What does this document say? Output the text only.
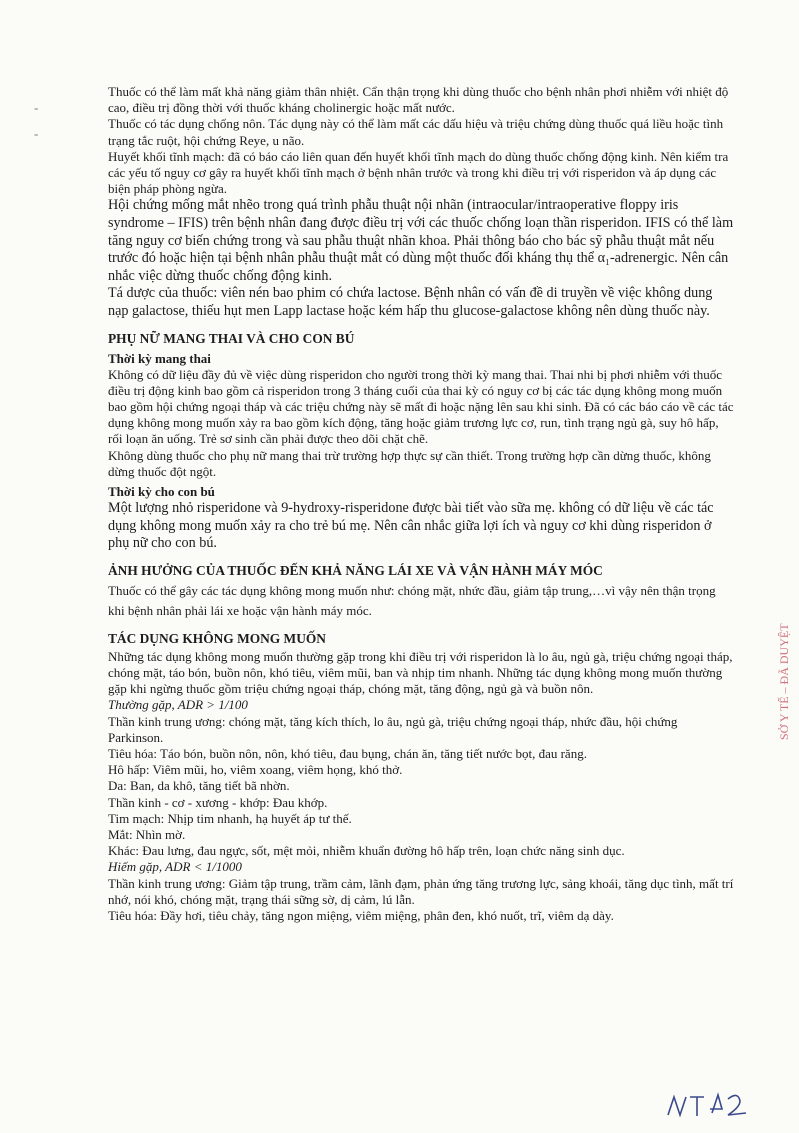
-
-

Thuốc có thể làm mất khả năng giảm thân nhiệt. Cẩn thận trọng khi dùng thuốc cho bệnh nhân phơi nhiễm với nhiệt độ cao, điều trị đồng thời với thuốc kháng cholinergic hoặc mất nước.

Thuốc có tác dụng chống nôn. Tác dụng này có thể làm mất các dấu hiệu và triệu chứng dùng thuốc quá liều hoặc tình trạng tắc ruột, hội chứng Reye, u não.

Huyết khối tĩnh mạch: đã có báo cáo liên quan đến huyết khối tĩnh mạch do dùng thuốc chống động kinh. Nên kiểm tra các yếu tố nguy cơ gây ra huyết khối tĩnh mạch ở bệnh nhân trước và trong khi điều trị với risperidon và áp dụng các biện pháp phòng ngừa.

Hội chứng mống mắt nhẽo trong quá trình phẫu thuật nội nhãn (intraocular/intraoperative floppy iris syndrome – IFIS) trên bệnh nhân đang được điều trị với các thuốc chống loạn thần risperidon. IFIS có thể làm tăng nguy cơ biến chứng trong và sau phẫu thuật nhãn khoa. Phải thông báo cho bác sỹ phẫu thuật mắt nếu trước đó hoặc hiện tại bệnh nhân phẫu thuật mắt có dùng một thuốc đối kháng thụ thể α₁-adrenergic. Nên cân nhắc việc dừng thuốc chống động kinh.

Tá dược của thuốc: viên nén bao phim có chứa lactose. Bệnh nhân có vấn đề di truyền về việc không dung nạp galactose, thiếu hụt men Lapp lactase hoặc kém hấp thu glucose-galactose không nên dùng thuốc này.

PHỤ NỮ MANG THAI VÀ CHO CON BÚ
Thời kỳ mang thai

Không có dữ liệu đầy đủ về việc dùng risperidon cho người trong thời kỳ mang thai. Thai nhi bị phơi nhiễm với thuốc điều trị động kinh bao gồm cả risperidon trong 3 tháng cuối của thai kỳ có nguy cơ bị các tác dụng không mong muốn bao gồm hội chứng ngoại tháp và các triệu chứng này sẽ mất đi hoặc nặng lên sau khi sinh. Đã có các báo cáo về các tác dụng không mong muốn xảy ra bao gồm kích động, tăng hoặc giảm trương lực cơ, run, tình trạng ngủ gà, suy hô hấp, rối loạn ăn uống. Trẻ sơ sinh cần phải được theo dõi chặt chẽ.

Không dùng thuốc cho phụ nữ mang thai trừ trường hợp thực sự cần thiết. Trong trường hợp cần dừng thuốc, không dừng thuốc đột ngột.

Thời kỳ cho con bú

Một lượng nhỏ risperidone và 9-hydroxy-risperidone được bài tiết vào sữa mẹ. không có dữ liệu về các tác dụng không mong muốn xảy ra cho trẻ bú mẹ. Nên cân nhắc giữa lợi ích và nguy cơ khi dùng risperidon ở phụ nữ cho con bú.

ẢNH HƯỞNG CỦA THUỐC ĐẾN KHẢ NĂNG LÁI XE VÀ VẬN HÀNH MÁY MÓC

Thuốc có thể gây các tác dụng không mong muốn như: chóng mặt, nhức đầu, giảm tập trung,…vì vậy nên thận trọng khi bệnh nhân phải lái xe hoặc vận hành máy móc.

TÁC DỤNG KHÔNG MONG MUỐN

Những tác dụng không mong muốn thường gặp trong khi điều trị với risperidon là lo âu, ngủ gà, triệu chứng ngoại tháp, chóng mặt, táo bón, buồn nôn, khó tiêu, viêm mũi, ban và nhịp tim nhanh. Những tác dụng không mong muốn thường gặp khi ngừng thuốc gồm triệu chứng ngoại tháp, chóng mặt, tăng động, ngủ gà và buồn nôn.

Thường gặp, ADR > 1/100

Thần kinh trung ương: chóng mặt, tăng kích thích, lo âu, ngủ gà, triệu chứng ngoại tháp, nhức đầu, hội chứng Parkinson.

Tiêu hóa: Táo bón, buồn nôn, nôn, khó tiêu, đau bụng, chán ăn, tăng tiết nước bọt, đau răng.

Hô hấp: Viêm mũi, ho, viêm xoang, viêm họng, khó thở.

Da: Ban, da khô, tăng tiết bã nhờn.

Thần kinh - cơ - xương - khớp: Đau khớp.

Tim mạch: Nhịp tim nhanh, hạ huyết áp tư thế.

Mắt: Nhìn mờ.

Khác: Đau lưng, đau ngực, sốt, mệt mỏi, nhiễm khuẩn đường hô hấp trên, loạn chức năng sinh dục.

Hiếm gặp, ADR < 1/1000

Thần kinh trung ương: Giảm tập trung, trầm cảm, lãnh đạm, phản ứng tăng trương lực, sảng khoái, tăng dục tình, mất trí nhớ, nói khó, chóng mặt, trạng thái sững sờ, dị cảm, lú lẫn.

Tiêu hóa: Đầy hơi, tiêu chảy, tăng ngon miệng, viêm miệng, phân đen, khó nuốt, trĩ, viêm dạ dày.

SỞ Y TẾ – ĐÃ DUYỆT
